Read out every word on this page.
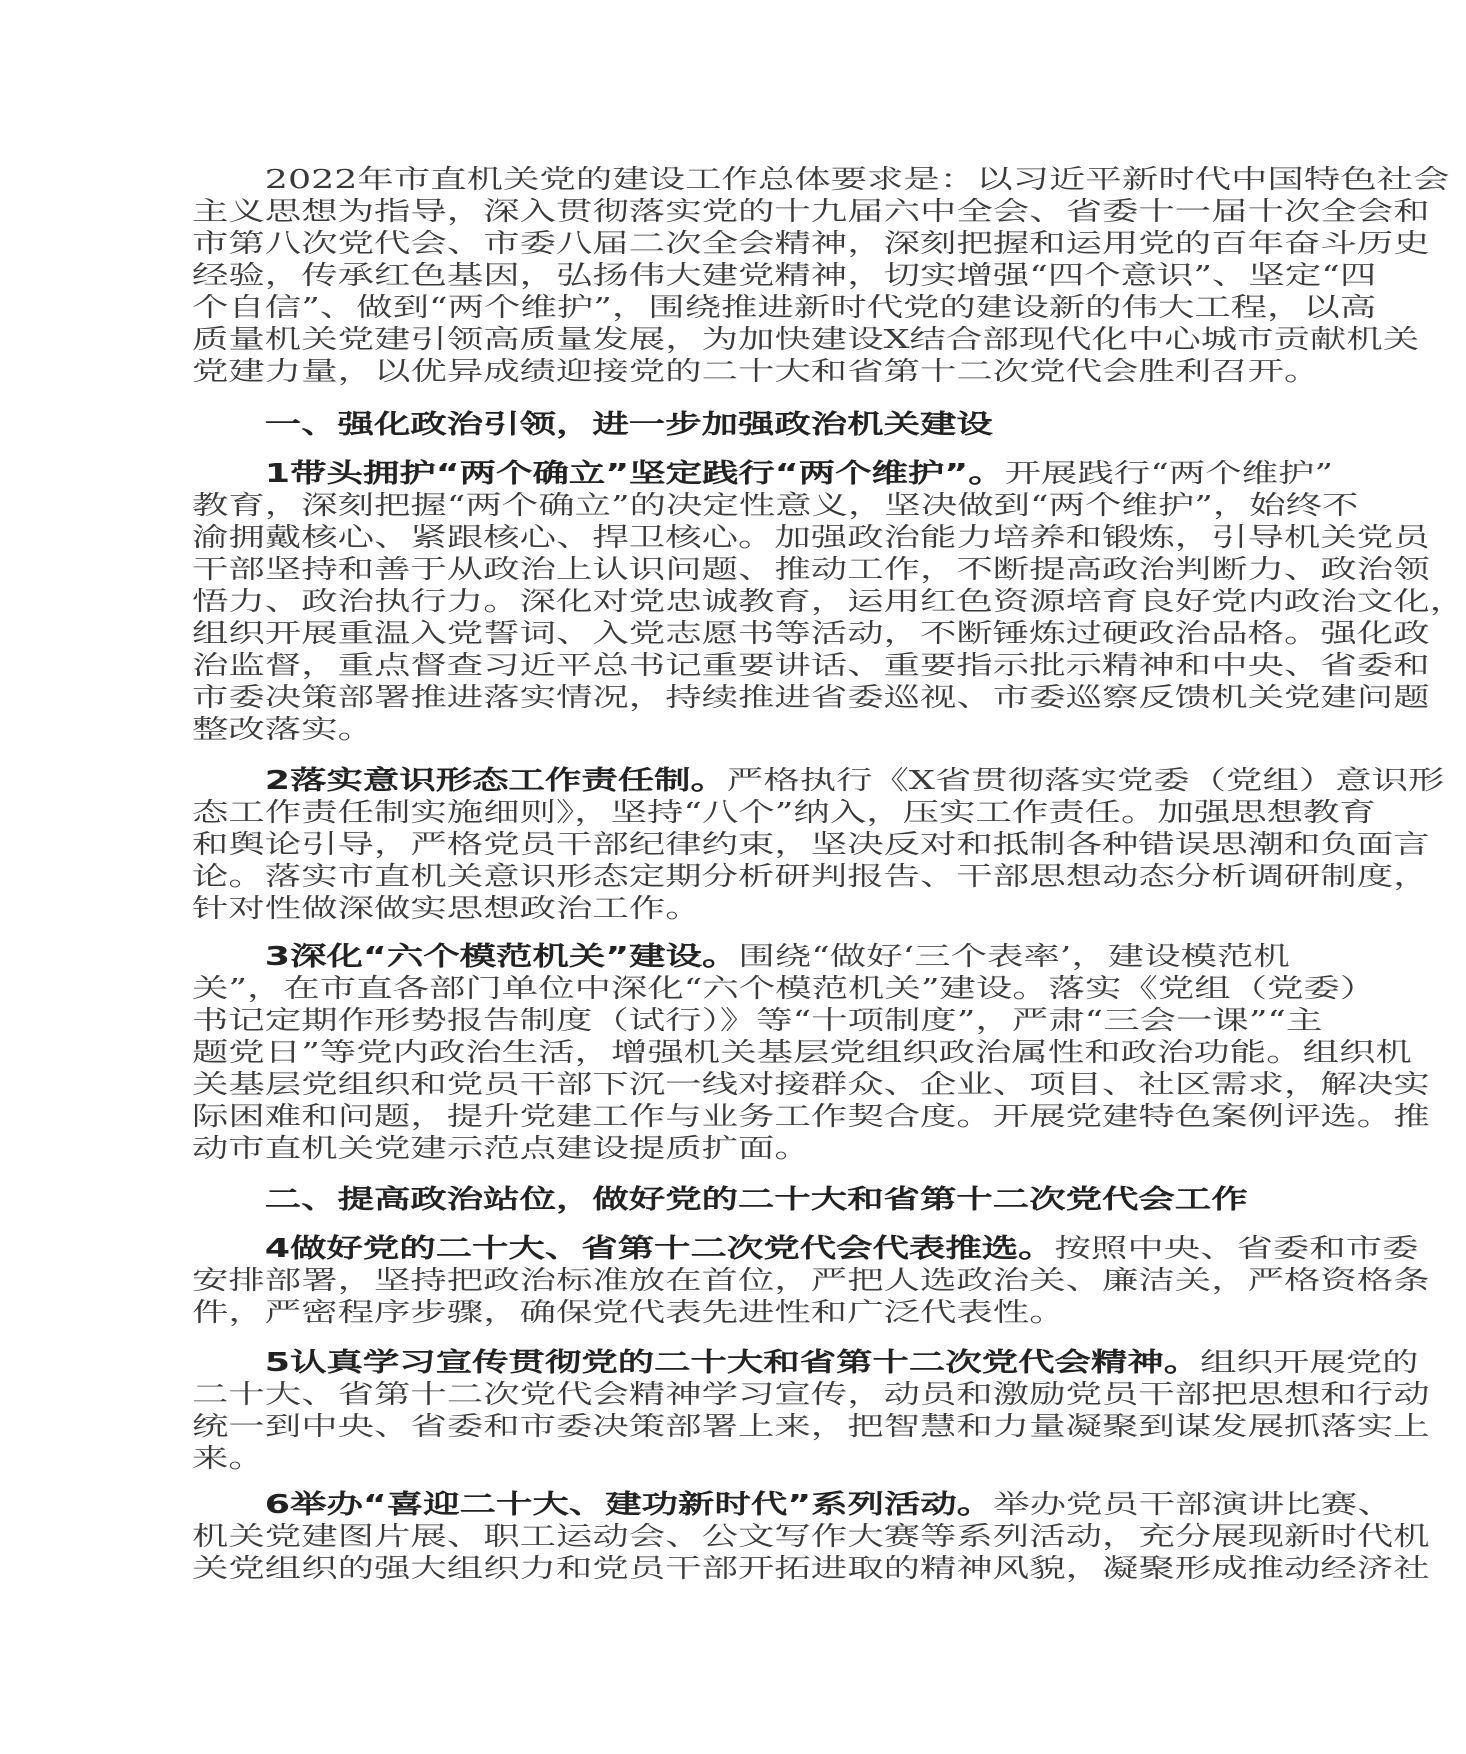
2022年市直机关党的建设工作总体要求是：以习近平新时代中国特色社会
主义思想为指导，深入贯彻落实党的十九届六中全会、省委十一届十次全会和
市第八次党代会、市委八届二次全会精神，深刻把握和运用党的百年奋斗历史
经验，传承红色基因，弘扬伟大建党精神，切实增强“四个意识”、坚定“四
个自信”、做到“两个维护”，围绕推进新时代党的建设新的伟大工程，以高
质量机关党建引领高质量发展，为加快建设X结合部现代化中心城市贡献机关
党建力量，以优异成绩迎接党的二十大和省第十二次党代会胜利召开。
一、强化政治引领，进一步加强政治机关建设
1带头拥护“两个确立”坚定践行“两个维护”。开展践行“两个维护”
教育，深刻把握“两个确立”的决定性意义，坚决做到“两个维护”，始终不
渝拥戴核心、紧跟核心、捍卫核心。加强政治能力培养和锻炼，引导机关党员
干部坚持和善于从政治上认识问题、推动工作，不断提高政治判断力、政治领
悟力、政治执行力。深化对党忠诚教育，运用红色资源培育良好党内政治文化，
组织开展重温入党誓词、入党志愿书等活动，不断锤炼过硬政治品格。强化政
治监督，重点督查习近平总书记重要讲话、重要指示批示精神和中央、省委和
市委决策部署推进落实情况，持续推进省委巡视、市委巡察反馈机关党建问题
整改落实。
2落实意识形态工作责任制。严格执行《X省贯彻落实党委（党组）意识形
态工作责任制实施细则》，坚持“八个”纳入，压实工作责任。加强思想教育
和舆论引导，严格党员干部纪律约束，坚决反对和抵制各种错误思潮和负面言
论。落实市直机关意识形态定期分析研判报告、干部思想动态分析调研制度，
针对性做深做实思想政治工作。
3深化“六个模范机关”建设。围绕“做好‘三个表率’，建设模范机
关”，在市直各部门单位中深化“六个模范机关”建设。落实《党组（党委）
书记定期作形势报告制度（试行）》等“十项制度”，严肃“三会一课”“主
题党日”等党内政治生活，增强机关基层党组织政治属性和政治功能。组织机
关基层党组织和党员干部下沉一线对接群众、企业、项目、社区需求，解决实
际困难和问题，提升党建工作与业务工作契合度。开展党建特色案例评选。推
动市直机关党建示范点建设提质扩面。
二、提高政治站位，做好党的二十大和省第十二次党代会工作
4做好党的二十大、省第十二次党代会代表推选。按照中央、省委和市委
安排部署，坚持把政治标准放在首位，严把人选政治关、廉洁关，严格资格条
件，严密程序步骤，确保党代表先进性和广泛代表性。
5认真学习宣传贯彻党的二十大和省第十二次党代会精神。组织开展党的
二十大、省第十二次党代会精神学习宣传，动员和激励党员干部把思想和行动
统一到中央、省委和市委决策部署上来，把智慧和力量凝聚到谋发展抓落实上
来。
6举办“喜迎二十大、建功新时代”系列活动。举办党员干部演讲比赛、
机关党建图片展、职工运动会、公文写作大赛等系列活动，充分展现新时代机
关党组织的强大组织力和党员干部开拓进取的精神风貌，凝聚形成推动经济社
